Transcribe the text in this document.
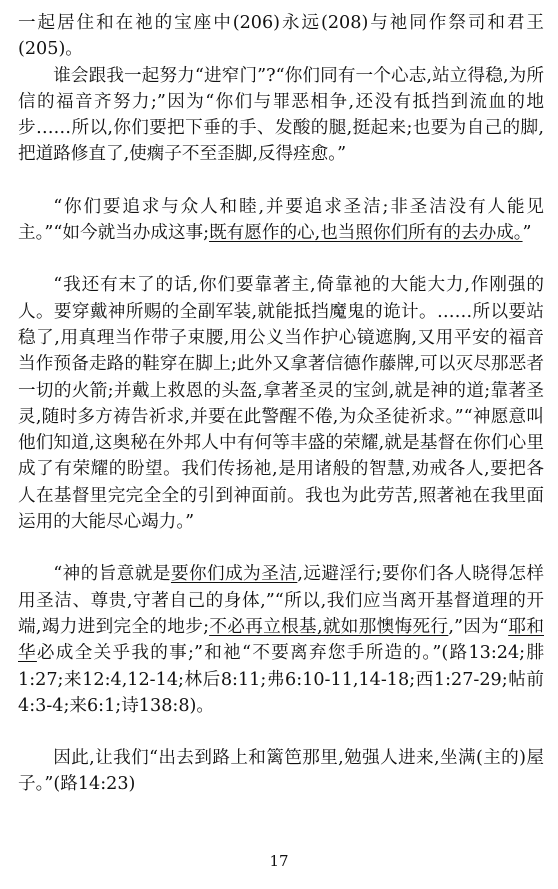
一起居住和在祂的宝座中(206)永远(208)与祂同作祭司和君王(205)。

谁会跟我一起努力“进窄门”?“你们同有一个心志,站立得稳,为所信的福音齐努力;”因为“你们与罪恶相争,还没有抵挡到流血的地步……所以,你们要把下垂的手、发酸的腿,挺起来;也要为自己的脚,把道路修直了,使瘸子不至歪脚,反得痊愈。”

“你们要追求与众人和睦,并要追求圣洁;非圣洁没有人能见主。”“如今就当办成这事;既有愿作的心,也当照你们所有的去办成。”

“我还有末了的话,你们要靠著主,倚靠祂的大能大力,作刚强的人。要穿戴神所赐的全副军装,就能抵挡魔鬼的诡计。……所以要站稳了,用真理当作带子束腰,用公义当作护心镜遮胸,又用平安的福音当作预备走路的鞋穿在脚上;此外又拿著信德作藤牌,可以灭尽那恶者一切的火箭;并戴上救恩的头盔,拿著圣灵的宝剑,就是神的道;靠著圣灵,随时多方祷告祈求,并要在此警醒不倦,为众圣徒祈求。”“神愿意叫他们知道,这奥秘在外邦人中有何等丰盛的荣耀,就是基督在你们心里成了有荣耀的盼望。我们传扬祂,是用诸般的智慧,劝戒各人,要把各人在基督里完完全全的引到神面前。我也为此劳苦,照著祂在我里面运用的大能尽心竭力。”

“神的旨意就是要你们成为圣洁,远避淫行;要你们各人晓得怎样用圣洁、尊贵,守著自己的身体,”“所以,我们应当离开基督道理的开端,竭力进到完全的地步;不必再立根基,就如那懊悔死行,”因为“耶和华必成全关乎我的事;”和祂“不要离弃您手所造的。”(路13:24;腓1:27;来12:4,12-14;林后8:11;弗6:10-11,14-18;西1:27-29;帖前4:3-4;来6:1;诗138:8)。

因此,让我们“出去到路上和篱笆那里,勉强人进来,坐满(主的)屋子。”(路14:23)

17
